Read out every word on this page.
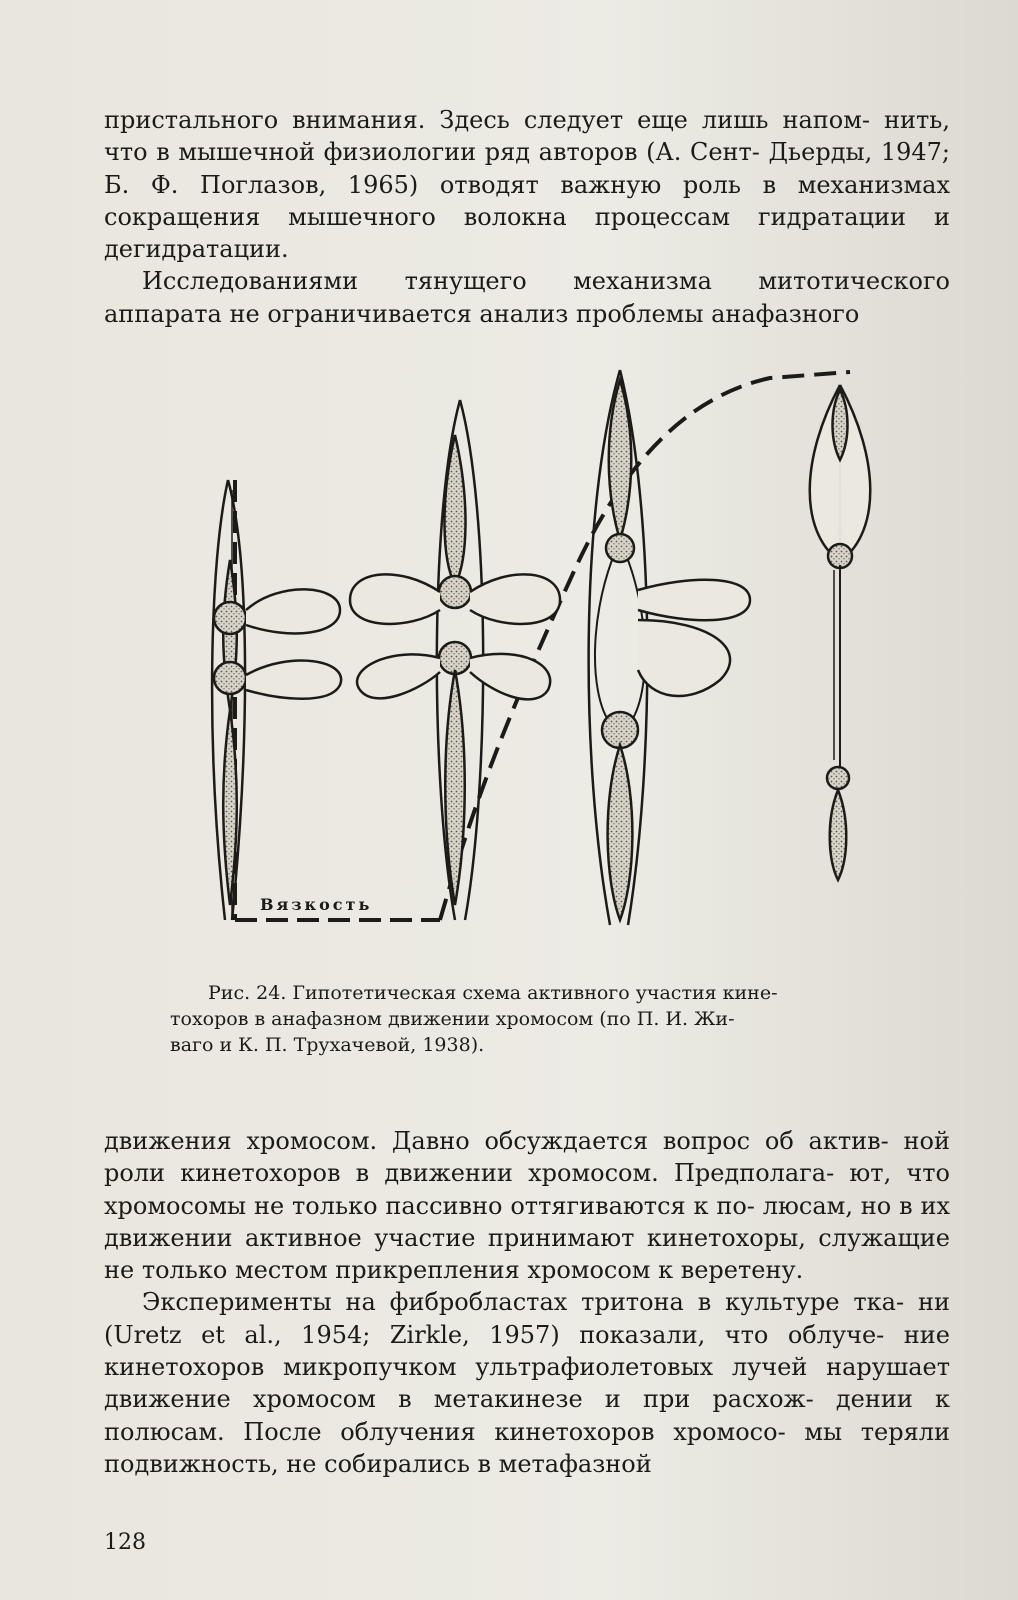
пристального внимания. Здесь следует еще лишь напом- нить, что в мышечной физиологии ряд авторов (А. Сент- Дьерды, 1947; Б. Ф. Поглазов, 1965) отводят важную роль в механизмах сокращения мышечного волокна процессам гидратации и дегидратации.

Исследованиями тянущего механизма митотического аппарата не ограничивается анализ проблемы анафазного

Вязкость
Рис. 24. Гипотетическая схема активного участия кине-
тохоров в анафазном движении хромосом (по П. И. Жи-
ваго и К. П. Трухачевой, 1938).

движения хромосом. Давно обсуждается вопрос об актив- ной роли кинетохоров в движении хромосом. Предполага- ют, что хромосомы не только пассивно оттягиваются к по- люсам, но в их движении активное участие принимают кинетохоры, служащие не только местом прикрепления хромосом к веретену.

Эксперименты на фибробластах тритона в культуре тка- ни (Uretz et al., 1954; Zirkle, 1957) показали, что облуче- ние кинетохоров микропучком ультрафиолетовых лучей нарушает движение хромосом в метакинезе и при расхож- дении к полюсам. После облучения кинетохоров хромосо- мы теряли подвижность, не собирались в метафазной

128
